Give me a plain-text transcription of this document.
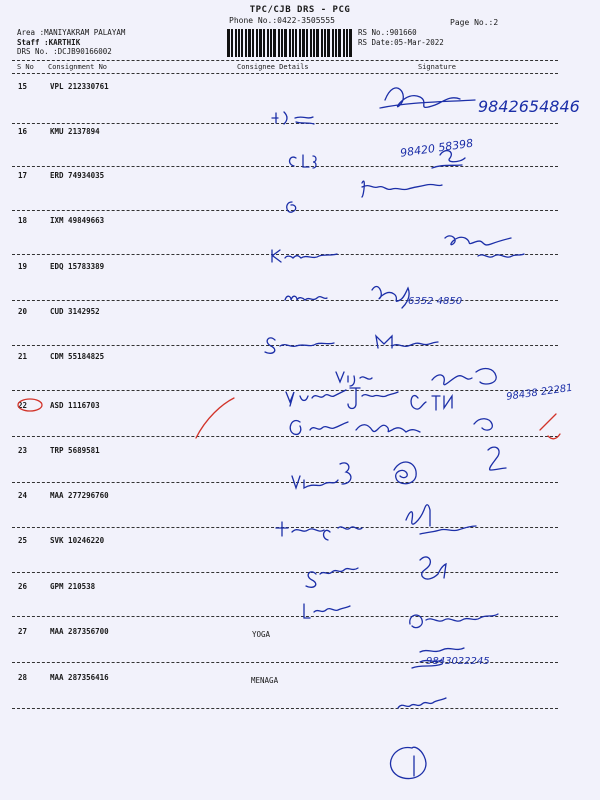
TPC/CJB DRS - PCG
Phone No.:0422-3505555	Page No.:2
Area :MANIYAKRAM PALAYAM
Staff :KARTHIK
DRS No. :DCJB90166002
RS No.:901660
RS Date:05-Mar-2022
S No Consignment No	Consignee Details	Signature
15	VPL 212330761
16	KMU 2137894
17	ERD 74934035
18	IXM 49849663
19	EDQ 15783389
20	CUD 3142952
21	CDM 55184825
22	ASD 1116703
23	TRP 5689581
24	MAA 277296760
25	SVK 10246220
26	GPM 210538
27	MAA 287356700	YOGA
28	MAA 287356416	MENAGA
9842654846
98420 58398
6352 4850
98438 22281
9843022245
